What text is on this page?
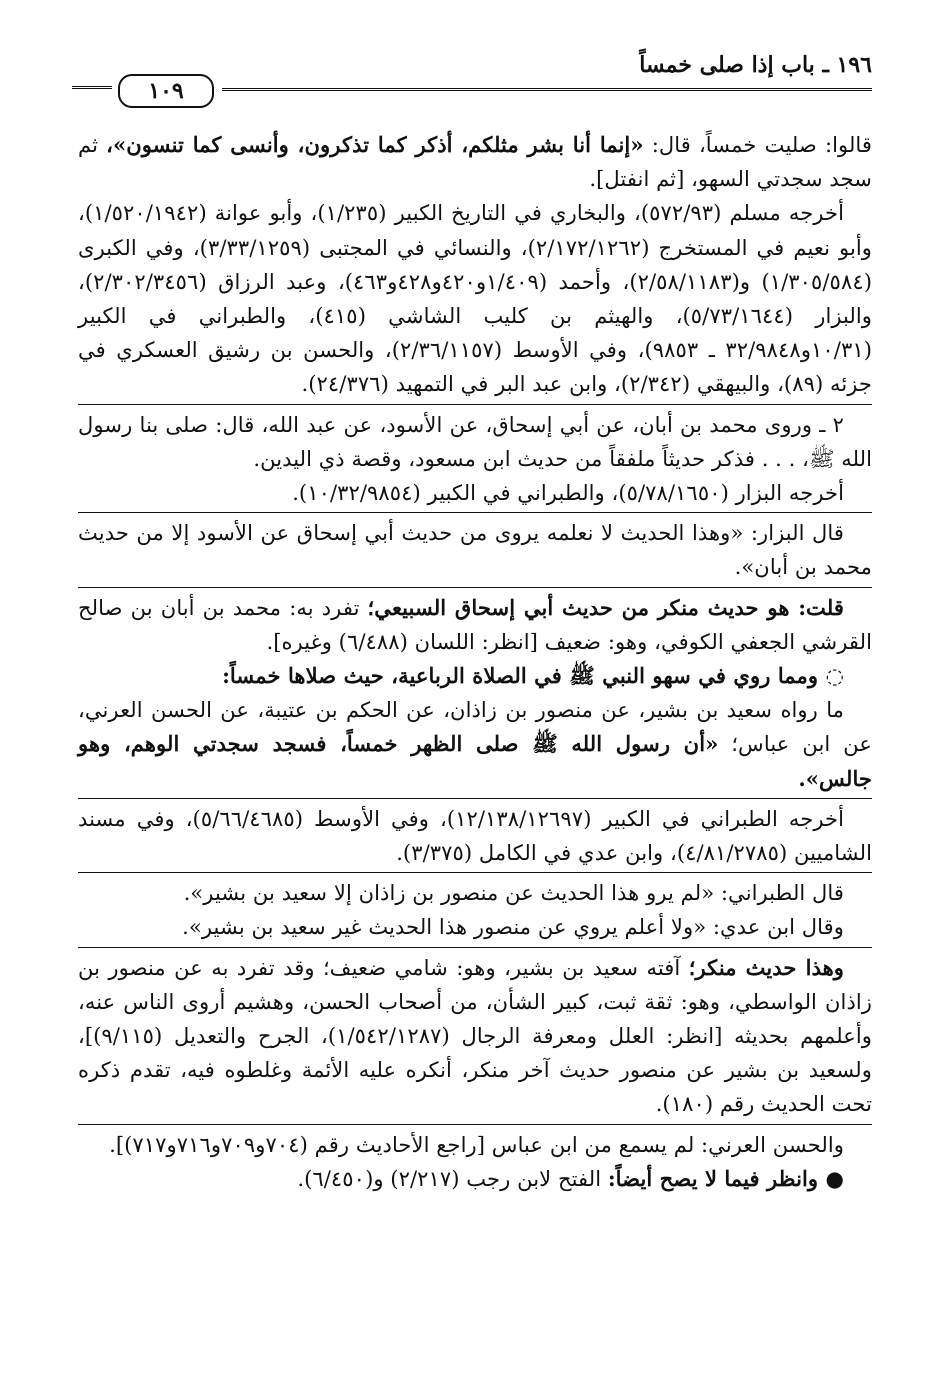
١٩٦ ـ باب إذا صلى خمساً
١٠٩

قالوا: صليت خمساً، قال: «إنما أنا بشر مثلكم، أذكر كما تذكرون، وأنسى كما تنسون»، ثم سجد سجدتي السهو، [ثم انفتل].

أخرجه مسلم (٥٧٢/٩٣)، والبخاري في التاريخ الكبير (١/٢٣٥)، وأبو عوانة (١/٥٢٠/١٩٤٢)، وأبو نعيم في المستخرج (٢/١٧٢/١٢٦٢)، والنسائي في المجتبى (٣/٣٣/١٢٥٩)، وفي الكبرى (١/٣٠٥/٥٨٤) و(٢/٥٨/١١٨٣)، وأحمد (١/٤٠٩و٤٢٠و٤٢٨و٤٦٣)، وعبد الرزاق (٢/٣٠٢/٣٤٥٦)، والبزار (٥/٧٣/١٦٤٤)، والهيثم بن كليب الشاشي (٤١٥)، والطبراني في الكبير (١٠/٣١و٣٢/٩٨٤٨ ـ ٩٨٥٣)، وفي الأوسط (٢/٣٦/١١٥٧)، والحسن بن رشيق العسكري في جزئه (٨٩)، والبيهقي (٢/٣٤٢)، وابن عبد البر في التمهيد (٢٤/٣٧٦).

٢ ـ وروى محمد بن أبان، عن أبي إسحاق، عن الأسود، عن عبد الله، قال: صلى بنا رسول الله ﷺ، . . . فذكر حديثاً ملفقاً من حديث ابن مسعود، وقصة ذي اليدين.

أخرجه البزار (٥/٧٨/١٦٥٠)، والطبراني في الكبير (١٠/٣٢/٩٨٥٤).

قال البزار: «وهذا الحديث لا نعلمه يروى من حديث أبي إسحاق عن الأسود إلا من حديث محمد بن أبان».

قلت: هو حديث منكر من حديث أبي إسحاق السبيعي؛ تفرد به: محمد بن أبان بن صالح القرشي الجعفي الكوفي، وهو: ضعيف [انظر: اللسان (٦/٤٨٨) وغيره].

◌ ومما روي في سهو النبي ﷺ في الصلاة الرباعية، حيث صلاها خمساً:

ما رواه سعيد بن بشير، عن منصور بن زاذان، عن الحكم بن عتيبة، عن الحسن العرني، عن ابن عباس؛ «أن رسول الله ﷺ صلى الظهر خمساً، فسجد سجدتي الوهم، وهو جالس».

أخرجه الطبراني في الكبير (١٢/١٣٨/١٢٦٩٧)، وفي الأوسط (٥/٦٦/٤٦٨٥)، وفي مسند الشاميين (٤/٨١/٢٧٨٥)، وابن عدي في الكامل (٣/٣٧٥).

قال الطبراني: «لم يرو هذا الحديث عن منصور بن زاذان إلا سعيد بن بشير».

وقال ابن عدي: «ولا أعلم يروي عن منصور هذا الحديث غير سعيد بن بشير».

وهذا حديث منكر؛ آفته سعيد بن بشير، وهو: شامي ضعيف؛ وقد تفرد به عن منصور بن زاذان الواسطي، وهو: ثقة ثبت، كبير الشأن، من أصحاب الحسن، وهشيم أروى الناس عنه، وأعلمهم بحديثه [انظر: العلل ومعرفة الرجال (١/٥٤٢/١٢٨٧)، الجرح والتعديل (٩/١١٥)]، ولسعيد بن بشير عن منصور حديث آخر منكر، أنكره عليه الأئمة وغلطوه فيه، تقدم ذكره تحت الحديث رقم (١٨٠).

والحسن العرني: لم يسمع من ابن عباس [راجع الأحاديث رقم (٧٠٤و٧٠٩و٧١٦و٧١٧)].

● وانظر فيما لا يصح أيضاً: الفتح لابن رجب (٢/٢١٧) و(٦/٤٥٠).
